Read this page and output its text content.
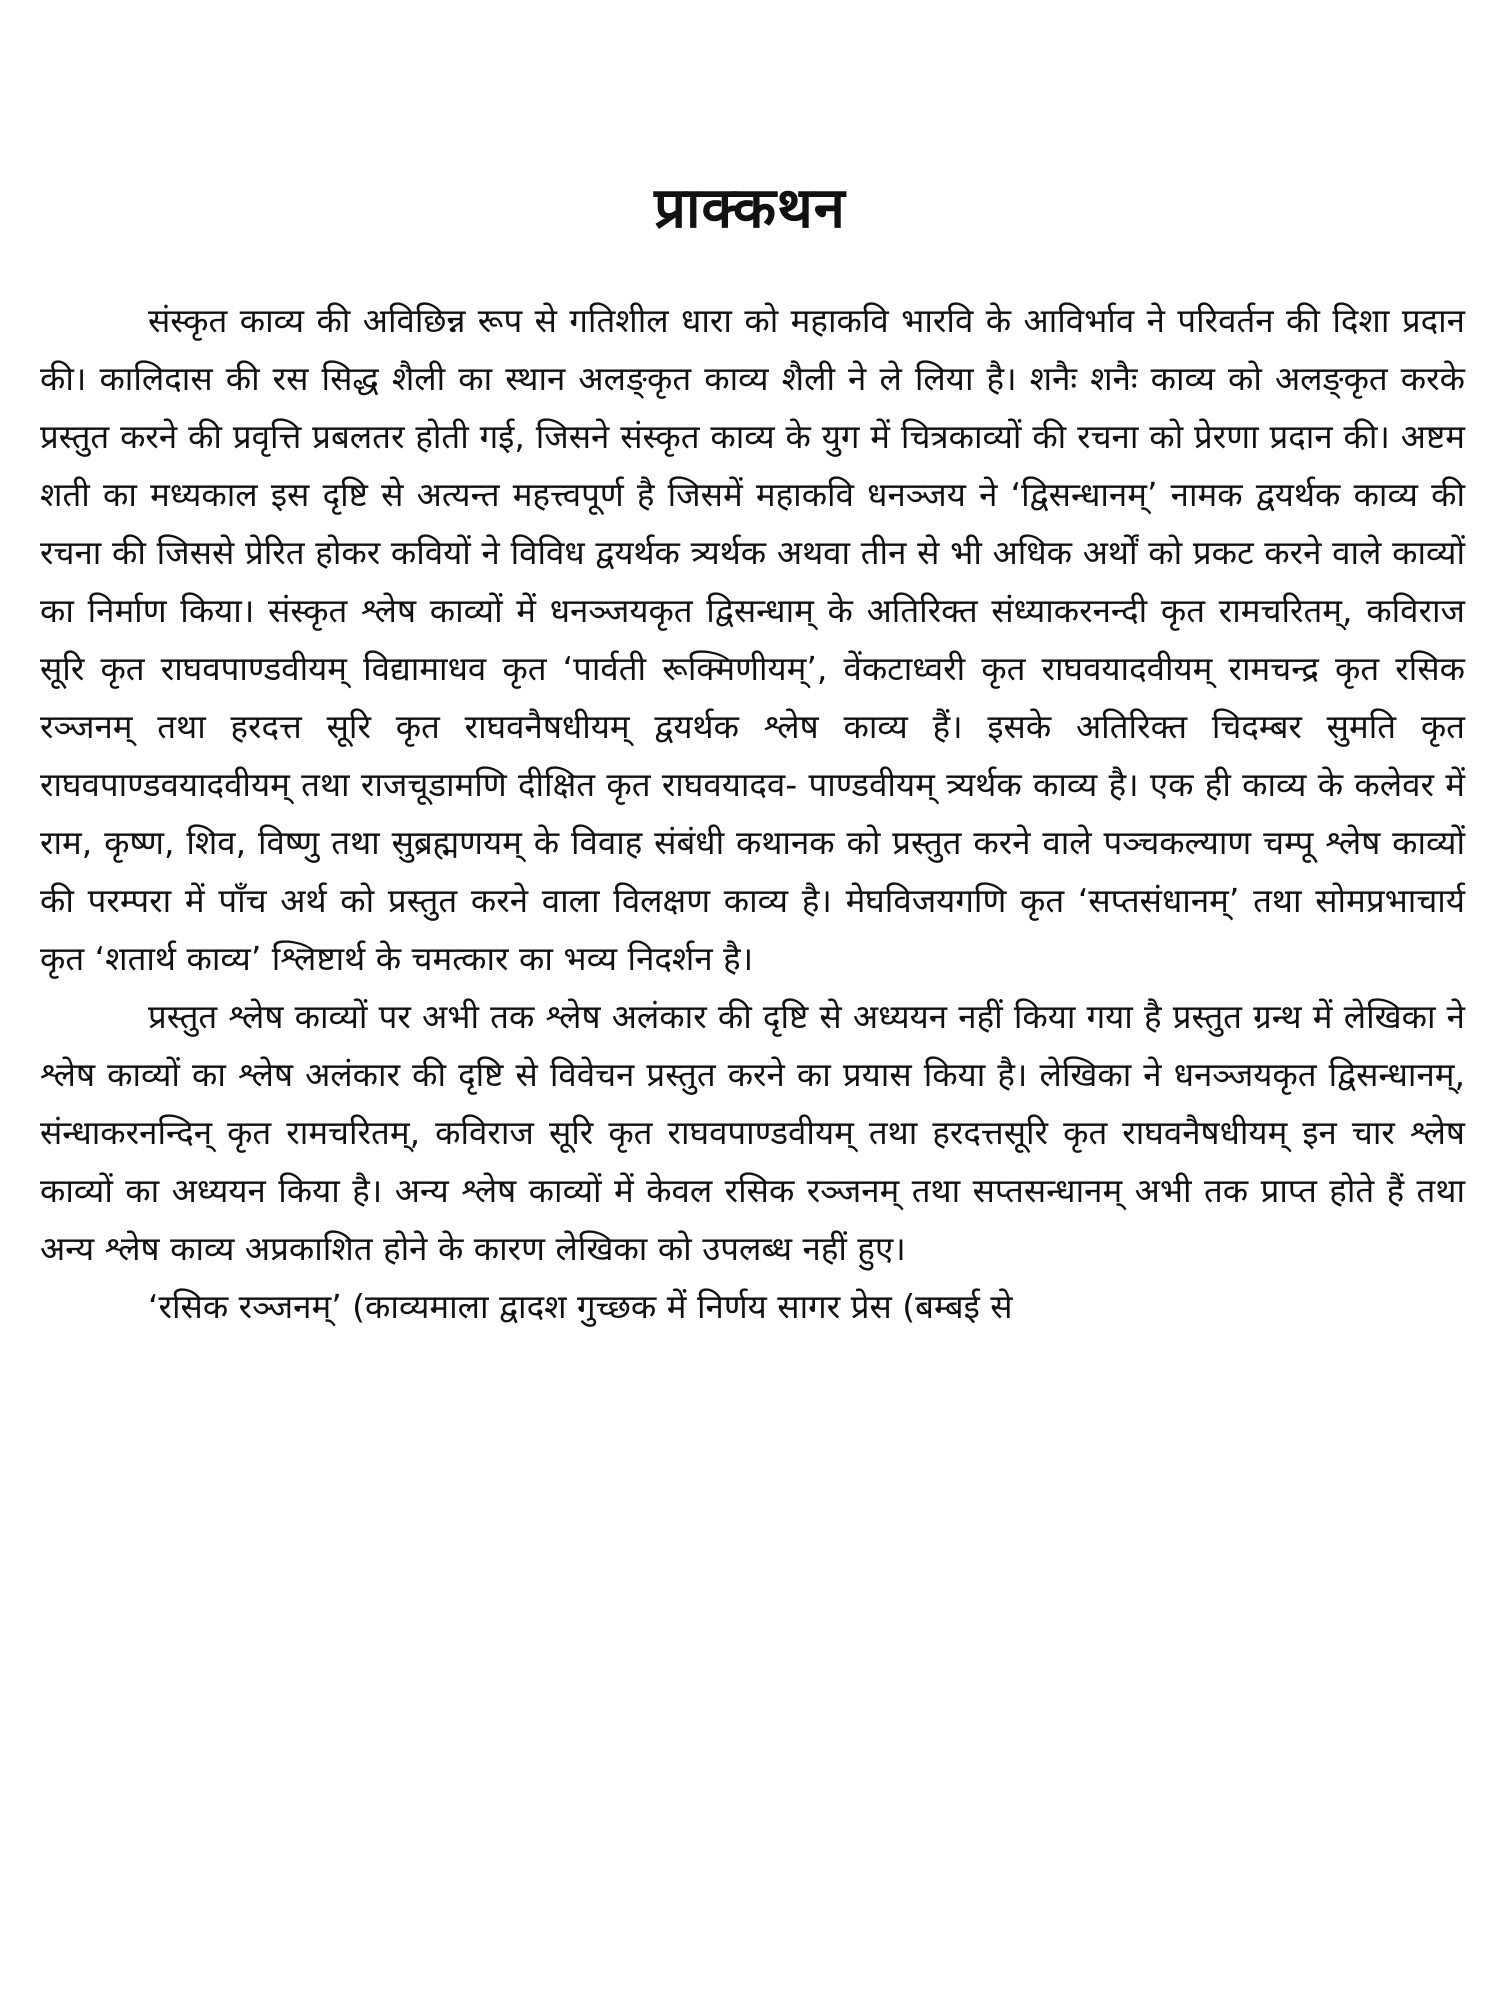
प्राक्कथन

संस्कृत काव्य की अविछिन्न रूप से गतिशील धारा को महाकवि भारवि के आविर्भाव ने परिवर्तन की दिशा प्रदान की। कालिदास की रस सिद्ध शैली का स्थान अलङ्कृत काव्य शैली ने ले लिया है। शनैः शनैः काव्य को अलङ्कृत करके प्रस्तुत करने की प्रवृत्ति प्रबलतर होती गई, जिसने संस्कृत काव्य के युग में चित्रकाव्यों की रचना को प्रेरणा प्रदान की। अष्टम शती का मध्यकाल इस दृष्टि से अत्यन्त महत्त्वपूर्ण है जिसमें महाकवि धनञ्जय ने ‘द्विसन्धानम्’ नामक द्वयर्थक काव्य की रचना की जिससे प्रेरित होकर कवियों ने विविध द्वयर्थक त्र्यर्थक अथवा तीन से भी अधिक अर्थों को प्रकट करने वाले काव्यों का निर्माण किया। संस्कृत श्लेष काव्यों में धनञ्जयकृत द्विसन्धाम् के अतिरिक्त संध्याकरनन्दी कृत रामचरितम्, कविराज सूरि कृत राघवपाण्डवीयम् विद्यामाधव कृत ‘पार्वती रूक्मिणीयम्’, वेंकटाध्वरी कृत राघवयादवीयम् रामचन्द्र कृत रसिक रञ्जनम् तथा हरदत्त सूरि कृत राघवनैषधीयम् द्वयर्थक श्लेष काव्य हैं। इसके अतिरिक्त चिदम्बर सुमति कृत राघवपाण्डवयादवीयम् तथा राजचूडामणि दीक्षित कृत राघवयादव- पाण्डवीयम् त्र्यर्थक काव्य है। एक ही काव्य के कलेवर में राम, कृष्ण, शिव, विष्णु तथा सुब्रह्मणयम् के विवाह संबंधी कथानक को प्रस्तुत करने वाले पञ्चकल्याण चम्पू श्लेष काव्यों की परम्परा में पाँच अर्थ को प्रस्तुत करने वाला विलक्षण काव्य है। मेघविजयगणि कृत ‘सप्तसंधानम्’ तथा सोमप्रभाचार्य कृत ‘शतार्थ काव्य’ श्लिष्टार्थ के चमत्कार का भव्य निदर्शन है।

प्रस्तुत श्लेष काव्यों पर अभी तक श्लेष अलंकार की दृष्टि से अध्ययन नहीं किया गया है प्रस्तुत ग्रन्थ में लेखिका ने श्लेष काव्यों का श्लेष अलंकार की दृष्टि से विवेचन प्रस्तुत करने का प्रयास किया है। लेखिका ने धनञ्जयकृत द्विसन्धानम्, संन्धाकरनन्दिन् कृत रामचरितम्, कविराज सूरि कृत राघवपाण्डवीयम् तथा हरदत्तसूरि कृत राघवनैषधीयम् इन चार श्लेष काव्यों का अध्ययन किया है। अन्य श्लेष काव्यों में केवल रसिक रञ्जनम् तथा सप्तसन्धानम् अभी तक प्राप्त होते हैं तथा अन्य श्लेष काव्य अप्रकाशित होने के कारण लेखिका को उपलब्ध नहीं हुए।

‘रसिक रञ्जनम्’ (काव्यमाला द्वादश गुच्छक में निर्णय सागर प्रेस (बम्बई से
